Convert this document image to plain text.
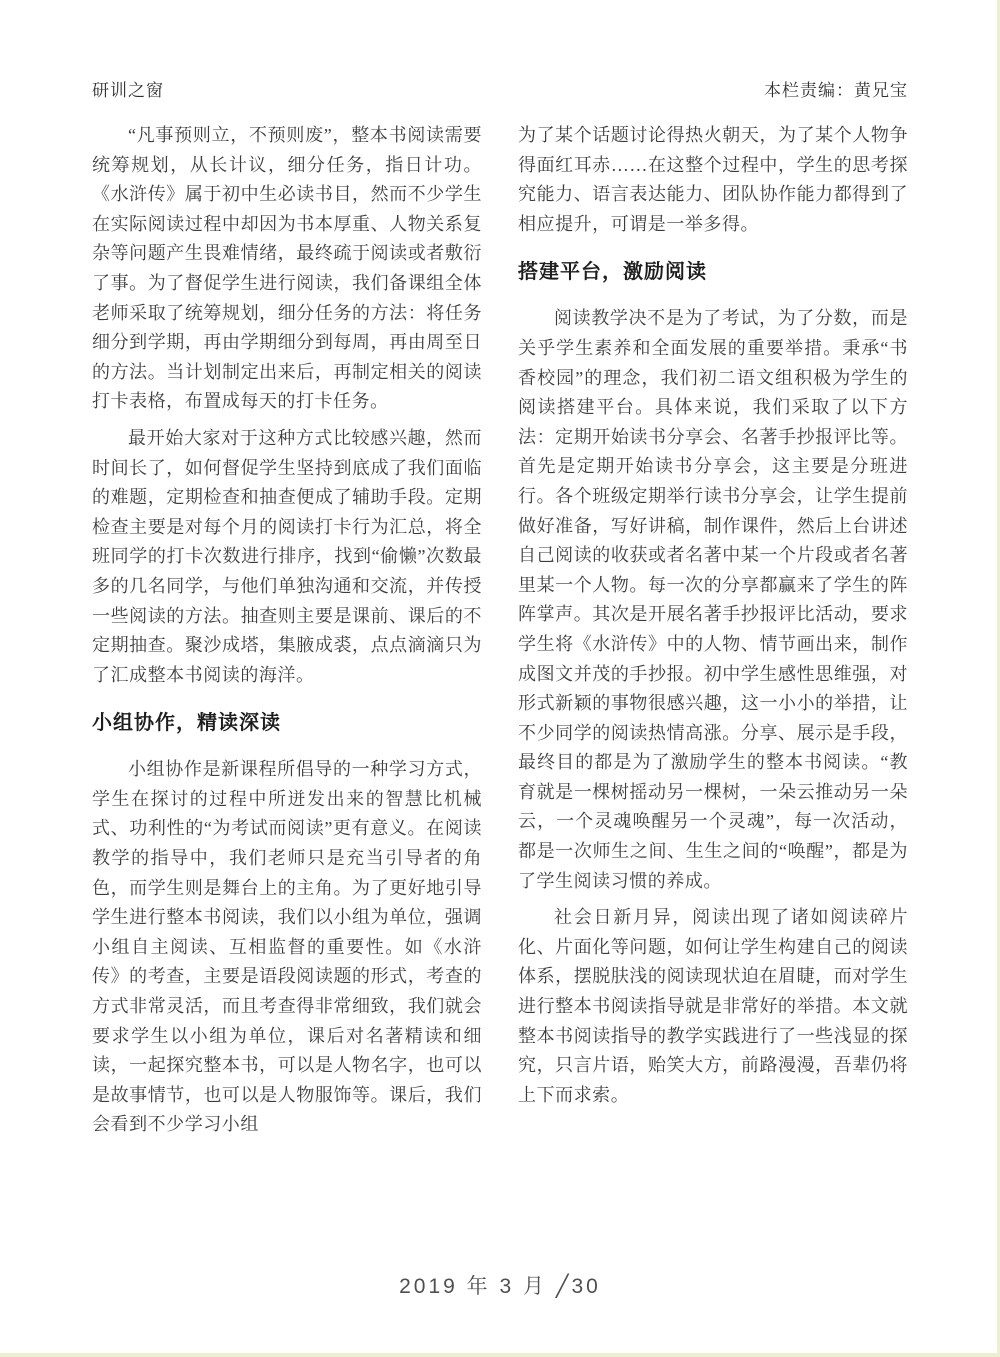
研训之窗	本栏责编：黄兄宝

“凡事预则立，不预则废”，整本书阅读需要统筹规划，从长计议，细分任务，指日计功。《水浒传》属于初中生必读书目，然而不少学生在实际阅读过程中却因为书本厚重、人物关系复杂等问题产生畏难情绪，最终疏于阅读或者敷衍了事。为了督促学生进行阅读，我们备课组全体老师采取了统筹规划，细分任务的方法：将任务细分到学期，再由学期细分到每周，再由周至日的方法。当计划制定出来后，再制定相关的阅读打卡表格，布置成每天的打卡任务。

最开始大家对于这种方式比较感兴趣，然而时间长了，如何督促学生坚持到底成了我们面临的难题，定期检查和抽查便成了辅助手段。定期检查主要是对每个月的阅读打卡行为汇总，将全班同学的打卡次数进行排序，找到“偷懒”次数最多的几名同学，与他们单独沟通和交流，并传授一些阅读的方法。抽查则主要是课前、课后的不定期抽查。聚沙成塔，集腋成裘，点点滴滴只为了汇成整本书阅读的海洋。

小组协作，精读深读

小组协作是新课程所倡导的一种学习方式，学生在探讨的过程中所迸发出来的智慧比机械式、功利性的“为考试而阅读”更有意义。在阅读教学的指导中，我们老师只是充当引导者的角色，而学生则是舞台上的主角。为了更好地引导学生进行整本书阅读，我们以小组为单位，强调小组自主阅读、互相监督的重要性。如《水浒传》的考查，主要是语段阅读题的形式，考查的方式非常灵活，而且考查得非常细致，我们就会要求学生以小组为单位，课后对名著精读和细读，一起探究整本书，可以是人物名字，也可以是故事情节，也可以是人物服饰等。课后，我们会看到不少学习小组

为了某个话题讨论得热火朝天，为了某个人物争得面红耳赤……在这整个过程中，学生的思考探究能力、语言表达能力、团队协作能力都得到了相应提升，可谓是一举多得。

搭建平台，激励阅读

阅读教学决不是为了考试，为了分数，而是关乎学生素养和全面发展的重要举措。秉承“书香校园”的理念，我们初二语文组积极为学生的阅读搭建平台。具体来说，我们采取了以下方法：定期开始读书分享会、名著手抄报评比等。首先是定期开始读书分享会，这主要是分班进行。各个班级定期举行读书分享会，让学生提前做好准备，写好讲稿，制作课件，然后上台讲述自己阅读的收获或者名著中某一个片段或者名著里某一个人物。每一次的分享都赢来了学生的阵阵掌声。其次是开展名著手抄报评比活动，要求学生将《水浒传》中的人物、情节画出来，制作成图文并茂的手抄报。初中学生感性思维强，对形式新颖的事物很感兴趣，这一小小的举措，让不少同学的阅读热情高涨。分享、展示是手段，最终目的都是为了激励学生的整本书阅读。“教育就是一棵树摇动另一棵树，一朵云推动另一朵云，一个灵魂唤醒另一个灵魂”，每一次活动，都是一次师生之间、生生之间的“唤醒”，都是为了学生阅读习惯的养成。

社会日新月异，阅读出现了诸如阅读碎片化、片面化等问题，如何让学生构建自己的阅读体系，摆脱肤浅的阅读现状迫在眉睫，而对学生进行整本书阅读指导就是非常好的举措。本文就整本书阅读指导的教学实践进行了一些浅显的探究，只言片语，贻笑大方，前路漫漫，吾辈仍将上下而求索。

2019 年 3 月 ╱30
